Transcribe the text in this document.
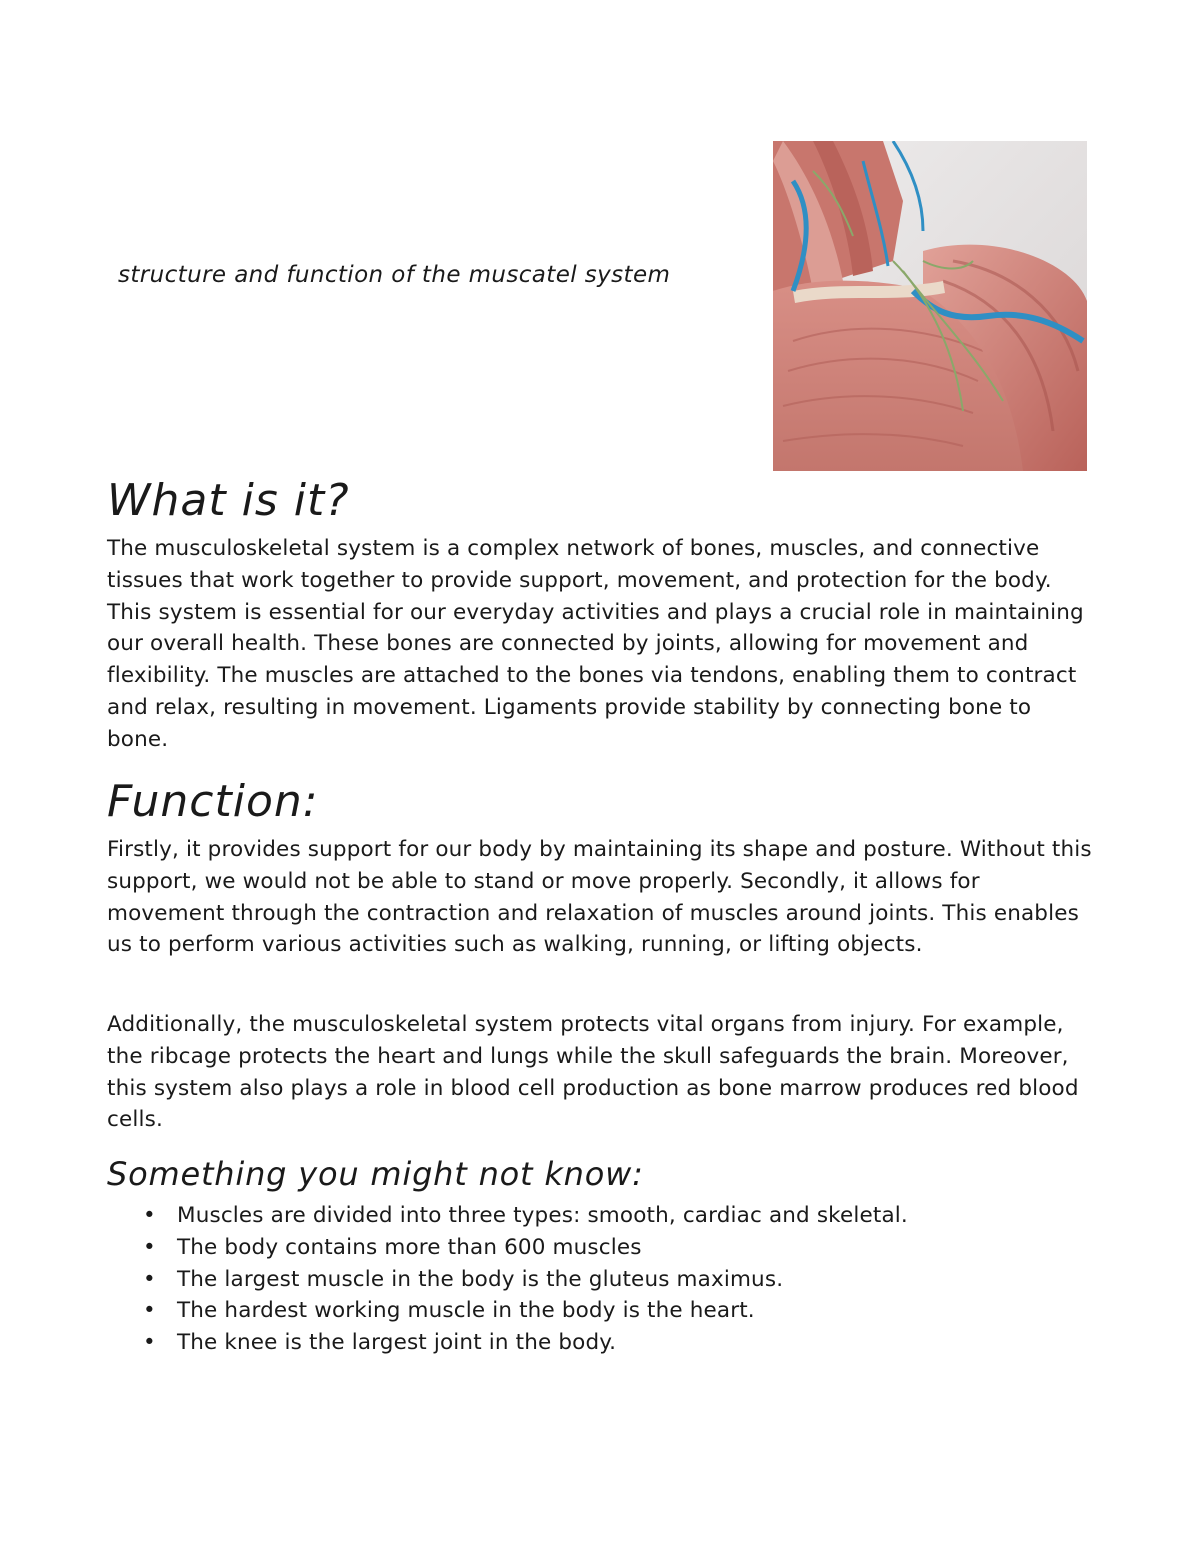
structure and function of the muscatel system
What is it?

The musculoskeletal system is a complex network of bones, muscles, and connective tissues that work together to provide support, movement, and protection for the body. This system is essential for our everyday activities and plays a crucial role in maintaining our overall health. These bones are connected by joints, allowing for movement and flexibility. The muscles are attached to the bones via tendons, enabling them to contract and relax, resulting in movement. Ligaments provide stability by connecting bone to bone.

Function:

Firstly, it provides support for our body by maintaining its shape and posture. Without this support, we would not be able to stand or move properly. Secondly, it allows for movement through the contraction and relaxation of muscles around joints. This enables us to perform various activities such as walking, running, or lifting objects.

Additionally, the musculoskeletal system protects vital organs from injury. For example, the ribcage protects the heart and lungs while the skull safeguards the brain. Moreover, this system also plays a role in blood cell production as bone marrow produces red blood cells.

Something you might not know:
• Muscles are divided into three types: smooth, cardiac and skeletal.
• The body contains more than 600 muscles
• The largest muscle in the body is the gluteus maximus.
• The hardest working muscle in the body is the heart.
• The knee is the largest joint in the body.
